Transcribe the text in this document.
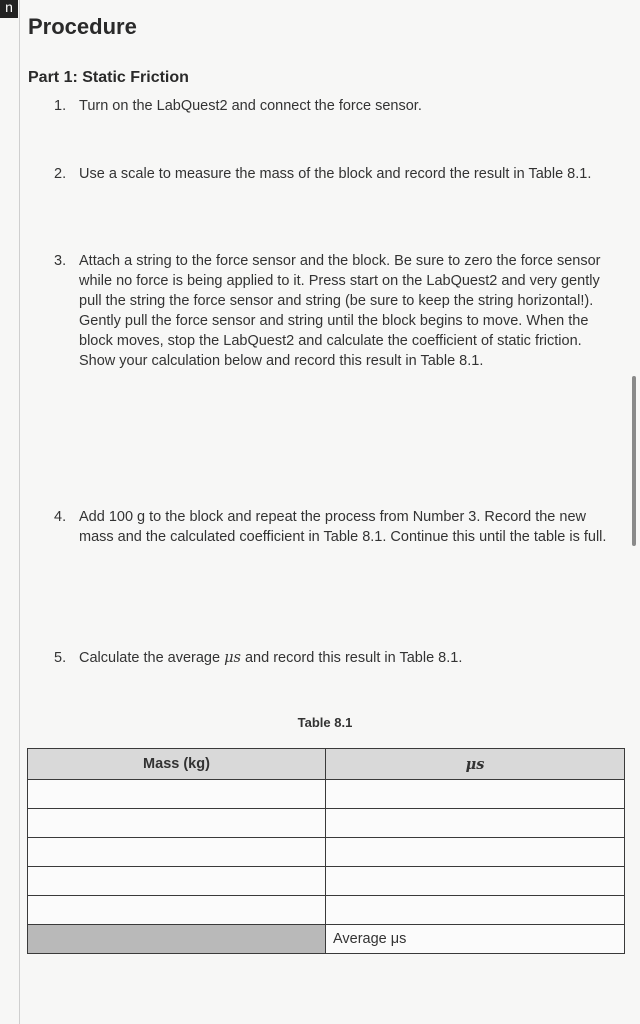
n
Procedure
Part 1: Static Friction
1. Turn on the LabQuest2 and connect the force sensor.
2. Use a scale to measure the mass of the block and record the result in Table 8.1.
3. Attach a string to the force sensor and the block. Be sure to zero the force sensor while no force is being applied to it. Press start on the LabQuest2 and very gently pull the string the force sensor and string (be sure to keep the string horizontal!). Gently pull the force sensor and string until the block begins to move. When the block moves, stop the LabQuest2 and calculate the coefficient of static friction. Show your calculation below and record this result in Table 8.1.
4. Add 100 g to the block and repeat the process from Number 3. Record the new mass and the calculated coefficient in Table 8.1. Continue this until the table is full.
5. Calculate the average μs and record this result in Table 8.1.
Table 8.1
Mass (kg)	μs

	Average μs
